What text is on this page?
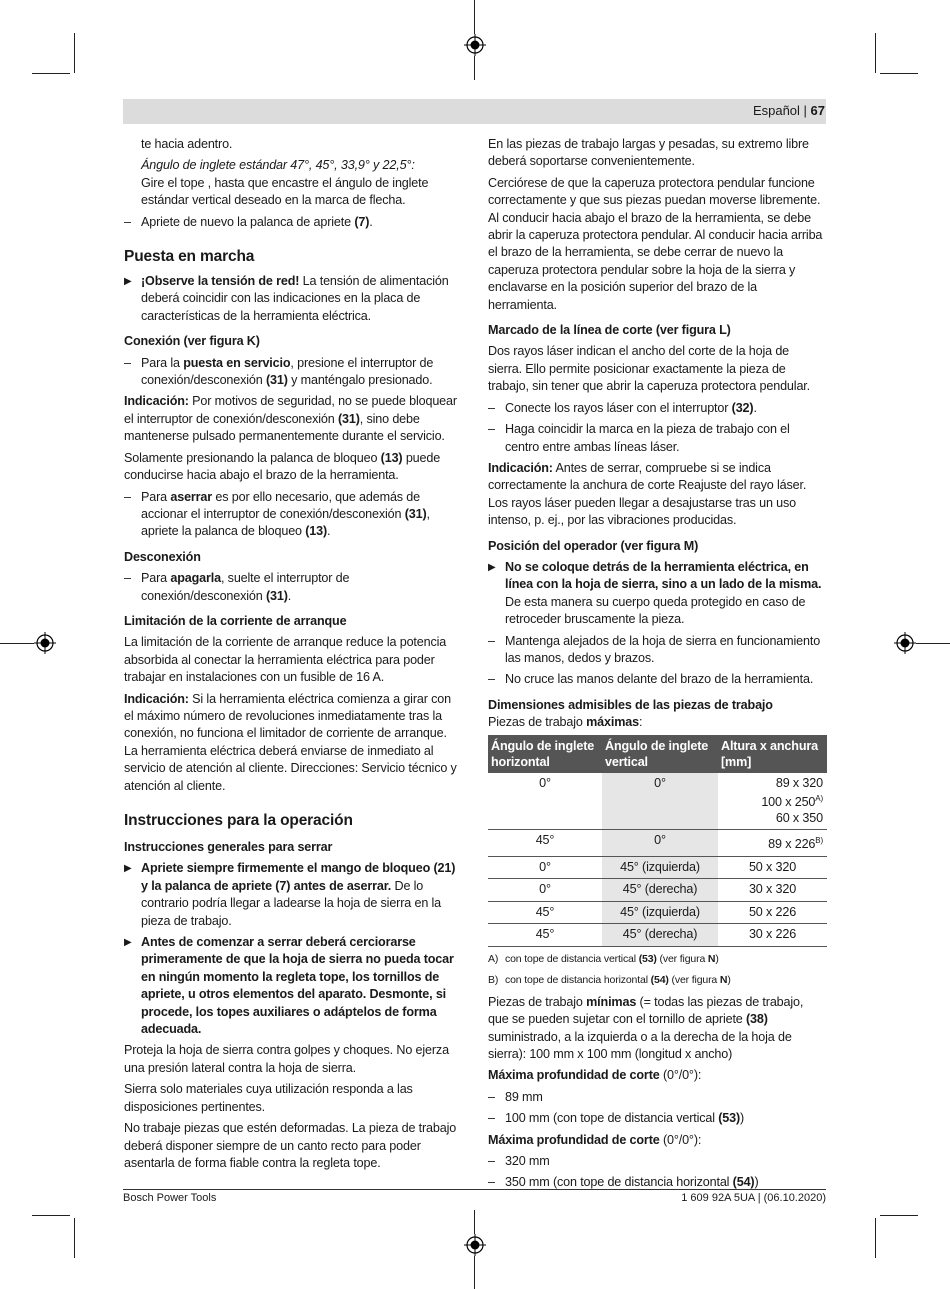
Español | 67

te hacia adentro.

Ángulo de inglete estándar 47°, 45°, 33,9° y 22,5°:

Gire el tope , hasta que encastre el ángulo de inglete estándar vertical deseado en la marca de flecha.

– Apriete de nuevo la palanca de apriete (7).

Puesta en marcha

▶ ¡Observe la tensión de red! La tensión de alimentación deberá coincidir con las indicaciones en la placa de características de la herramienta eléctrica.

Conexión (ver figura K)

– Para la puesta en servicio, presione el interruptor de conexión/desconexión (31) y manténgalo presionado.

Indicación: Por motivos de seguridad, no se puede bloquear el interruptor de conexión/desconexión (31), sino debe mantenerse pulsado permanentemente durante el servicio.

Solamente presionando la palanca de bloqueo (13) puede conducirse hacia abajo el brazo de la herramienta.

– Para aserrar es por ello necesario, que además de accionar el interruptor de conexión/desconexión (31), apriete la palanca de bloqueo (13).

Desconexión

– Para apagarla, suelte el interruptor de conexión/desconexión (31).

Limitación de la corriente de arranque

La limitación de la corriente de arranque reduce la potencia absorbida al conectar la herramienta eléctrica para poder trabajar en instalaciones con un fusible de 16 A.

Indicación: Si la herramienta eléctrica comienza a girar con el máximo número de revoluciones inmediatamente tras la conexión, no funciona el limitador de corriente de arranque. La herramienta eléctrica deberá enviarse de inmediato al servicio de atención al cliente. Direcciones: Servicio técnico y atención al cliente.

Instrucciones para la operación
Instrucciones generales para serrar

▶ Apriete siempre firmemente el mango de bloqueo (21) y la palanca de apriete (7) antes de aserrar. De lo contrario podría llegar a ladearse la hoja de sierra en la pieza de trabajo.

▶ Antes de comenzar a serrar deberá cerciorarse primeramente de que la hoja de sierra no pueda tocar en ningún momento la regleta tope, los tornillos de apriete, u otros elementos del aparato. Desmonte, si procede, los topes auxiliares o adáptelos de forma adecuada.

Proteja la hoja de sierra contra golpes y choques. No ejerza una presión lateral contra la hoja de sierra.

Sierra solo materiales cuya utilización responda a las disposiciones pertinentes.

No trabaje piezas que estén deformadas. La pieza de trabajo deberá disponer siempre de un canto recto para poder asentarla de forma fiable contra la regleta tope.

En las piezas de trabajo largas y pesadas, su extremo libre deberá soportarse convenientemente.

Cerciórese de que la caperuza protectora pendular funcione correctamente y que sus piezas puedan moverse libremente. Al conducir hacia abajo el brazo de la herramienta, se debe abrir la caperuza protectora pendular. Al conducir hacia arriba el brazo de la herramienta, se debe cerrar de nuevo la caperuza protectora pendular sobre la hoja de la sierra y enclavarse en la posición superior del brazo de la herramienta.

Marcado de la línea de corte (ver figura L)

Dos rayos láser indican el ancho del corte de la hoja de sierra. Ello permite posicionar exactamente la pieza de trabajo, sin tener que abrir la caperuza protectora pendular.

– Conecte los rayos láser con el interruptor (32).

– Haga coincidir la marca en la pieza de trabajo con el centro entre ambas líneas láser.

Indicación: Antes de serrar, compruebe si se indica correctamente la anchura de corte Reajuste del rayo láser. Los rayos láser pueden llegar a desajustarse tras un uso intenso, p. ej., por las vibraciones producidas.

Posición del operador (ver figura M)

▶ No se coloque detrás de la herramienta eléctrica, en línea con la hoja de sierra, sino a un lado de la misma. De esta manera su cuerpo queda protegido en caso de retroceder bruscamente la pieza.

– Mantenga alejados de la hoja de sierra en funcionamiento las manos, dedos y brazos.

– No cruce las manos delante del brazo de la herramienta.

Dimensiones admisibles de las piezas de trabajo

Piezas de trabajo máximas:

Ángulo de inglete horizontal	Ángulo de inglete vertical	Altura x anchura [mm]
0°	0°	89 x 320
100 x $250^{A)}$
60 x 350
45°	0°	89 x $226^{B)}$
0°	45° (izquierda)	50 x 320
0°	45° (derecha)	30 x 320
45°	45° (izquierda)	50 x 226
45°	45° (derecha)	30 x 226

A) con tope de distancia vertical (53) (ver figura N)

B) con tope de distancia horizontal (54) (ver figura N)

Piezas de trabajo mínimas (= todas las piezas de trabajo, que se pueden sujetar con el tornillo de apriete (38) suministrado, a la izquierda o a la derecha de la hoja de sierra): 100 mm x 100 mm (longitud x ancho)

Máxima profundidad de corte (0°/0°):

– 89 mm

– 100 mm (con tope de distancia vertical (53))

Máxima profundidad de corte (0°/0°):

– 320 mm

– 350 mm (con tope de distancia horizontal (54))

Bosch Power Tools	1 609 92A 5UA | (06.10.2020)
